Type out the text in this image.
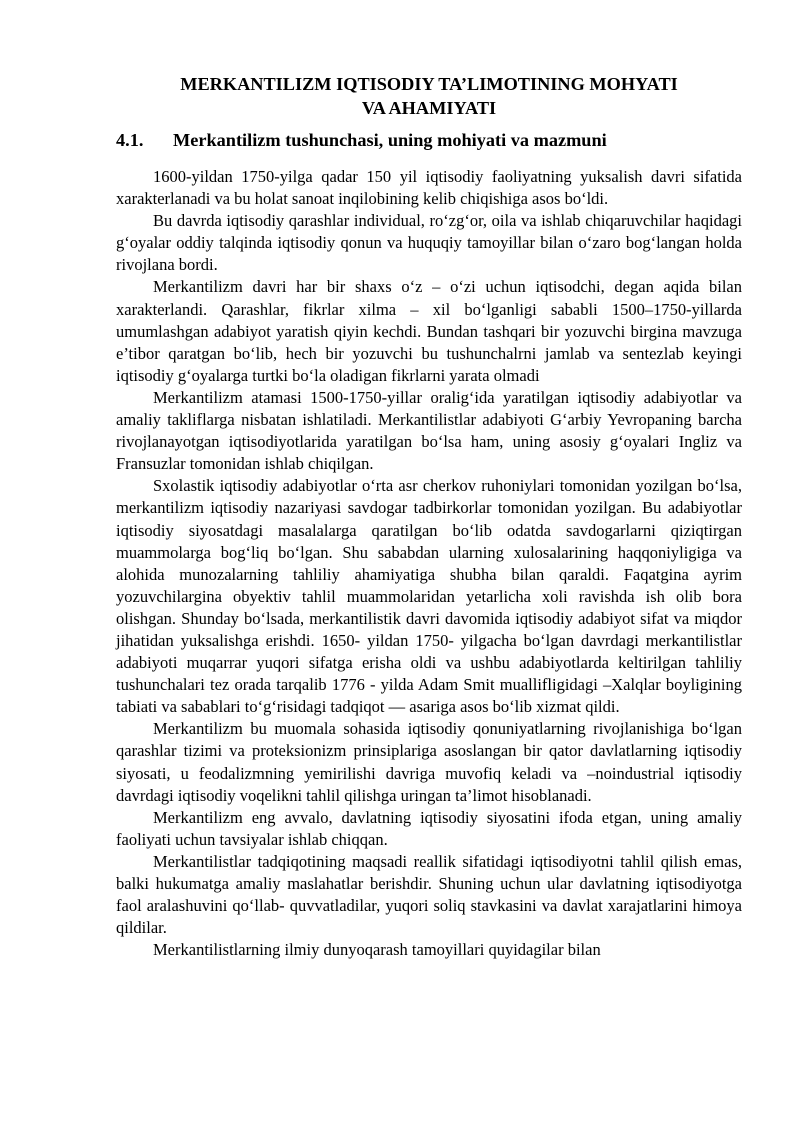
MERKANTILIZM IQTISODIY TA’LIMOTINING MOHYATI
VA AHAMIYATI
4.1. Merkantilizm tushunchasi, uning mohiyati va mazmuni

1600-yildan 1750-yilga qadar 150 yil iqtisodiy faoliyatning yuksalish davri sifatida xarakterlanadi va bu holat sanoat inqilobining kelib chiqishiga asos bo‘ldi.

Bu davrda iqtisodiy qarashlar individual, ro‘zg‘or, oila va ishlab chiqaruvchilar haqidagi g‘oyalar oddiy talqinda iqtisodiy qonun va huquqiy tamoyillar bilan o‘zaro bog‘langan holda rivojlana bordi.

Merkantilizm davri har bir shaxs o‘z – o‘zi uchun iqtisodchi, degan aqida bilan xarakterlandi. Qarashlar, fikrlar xilma – xil bo‘lganligi sababli 1500–1750-yillarda umumlashgan adabiyot yaratish qiyin kechdi. Bundan tashqari bir yozuvchi birgina mavzuga e’tibor qaratgan bo‘lib, hech bir yozuvchi bu tushunchalrni jamlab va sentezlab keyingi iqtisodiy g‘oyalarga turtki bo‘la oladigan fikrlarni yarata olmadi

Merkantilizm atamasi 1500-1750-yillar oralig‘ida yaratilgan iqtisodiy adabiyotlar va amaliy takliflarga nisbatan ishlatiladi. Merkantilistlar adabiyoti G‘arbiy Yevropaning barcha rivojlanayotgan iqtisodiyotlarida yaratilgan bo‘lsa ham, uning asosiy g‘oyalari Ingliz va Fransuzlar tomonidan ishlab chiqilgan.

Sxolastik iqtisodiy adabiyotlar o‘rta asr cherkov ruhoniylari tomonidan yozilgan bo‘lsa, merkantilizm iqtisodiy nazariyasi savdogar tadbirkorlar tomonidan yozilgan. Bu adabiyotlar iqtisodiy siyosatdagi masalalarga qaratilgan bo‘lib odatda savdogarlarni qiziqtirgan muammolarga bog‘liq bo‘lgan. Shu sababdan ularning xulosalarining haqqoniyligiga va alohida munozalarning tahliliy ahamiyatiga shubha bilan qaraldi. Faqatgina ayrim yozuvchilargina obyektiv tahlil muammolaridan yetarlicha xoli ravishda ish olib bora olishgan. Shunday bo‘lsada, merkantilistik davri davomida iqtisodiy adabiyot sifat va miqdor jihatidan yuksalishga erishdi. 1650- yildan 1750- yilgacha bo‘lgan davrdagi merkantilistlar adabiyoti muqarrar yuqori sifatga erisha oldi va ushbu adabiyotlarda keltirilgan tahliliy tushunchalari tez orada tarqalib 1776 - yilda Adam Smit muallifligidagi –Xalqlar boyligining tabiati va sabablari to‘g‘risidagi tadqiqot — asariga asos bo‘lib xizmat qildi.

Merkantilizm bu muomala sohasida iqtisodiy qonuniyatlarning rivojlanishiga bo‘lgan qarashlar tizimi va proteksionizm prinsiplariga asoslangan bir qator davlatlarning iqtisodiy siyosati, u feodalizmning yemirilishi davriga muvofiq keladi va –noindustrial iqtisodiy davrdagi iqtisodiy voqelikni tahlil qilishga uringan ta’limot hisoblanadi.

Merkantilizm eng avvalo, davlatning iqtisodiy siyosatini ifoda etgan, uning amaliy faoliyati uchun tavsiyalar ishlab chiqqan.

Merkantilistlar tadqiqotining maqsadi reallik sifatidagi iqtisodiyotni tahlil qilish emas, balki hukumatga amaliy maslahatlar berishdir. Shuning uchun ular davlatning iqtisodiyotga faol aralashuvini qo‘llab- quvvatladilar, yuqori soliq stavkasini va davlat xarajatlarini himoya qildilar.

Merkantilistlarning ilmiy dunyoqarash tamoyillari quyidagilar bilan
